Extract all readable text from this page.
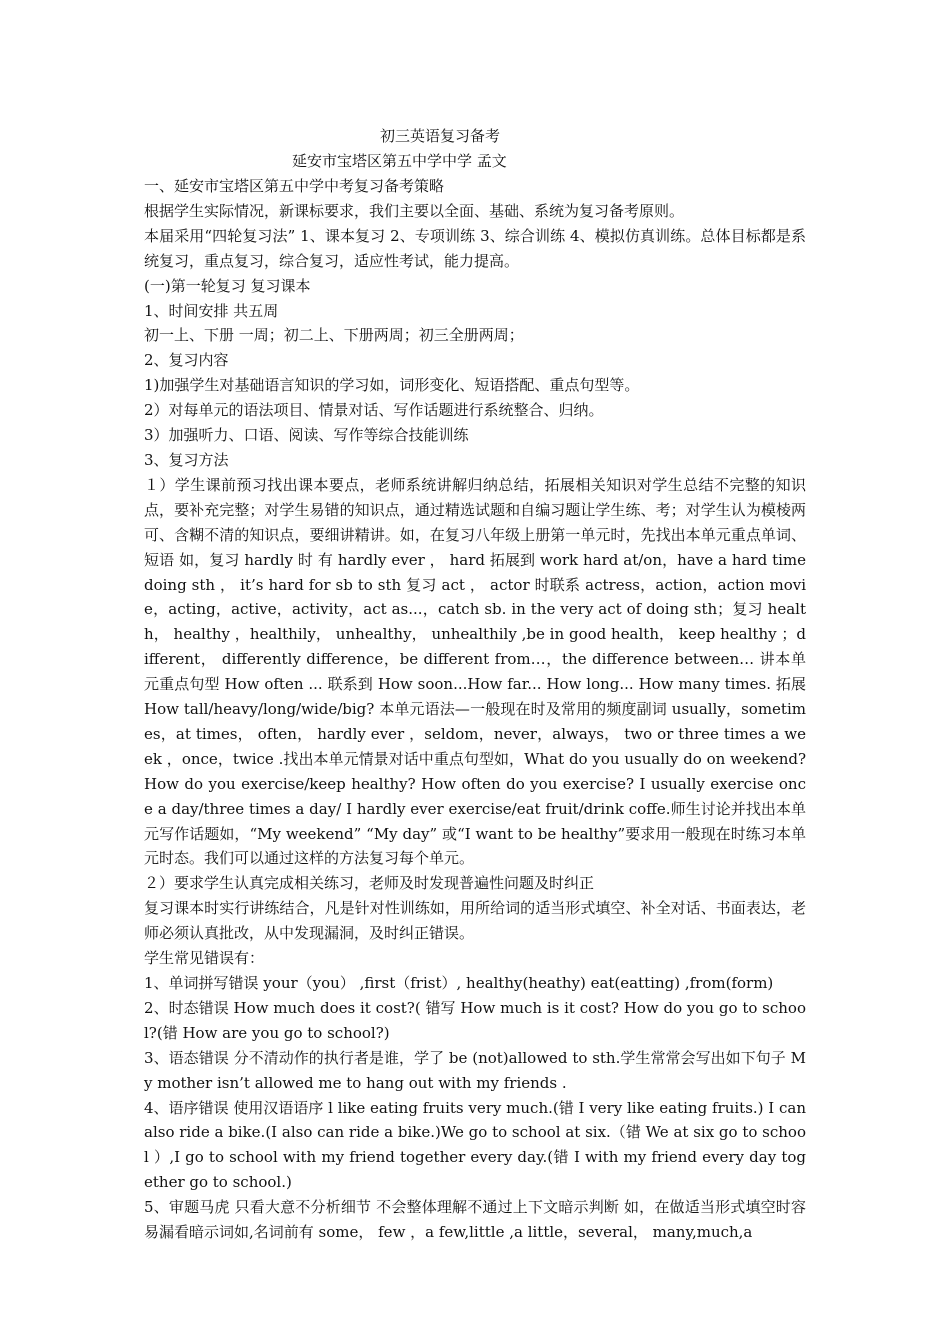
初三英语复习备考
延安市宝塔区第五中学中学 孟文

一、延安市宝塔区第五中学中考复习备考策略

根据学生实际情况，新课标要求，我们主要以全面、基础、系统为复习备考原则。

本届采用“四轮复习法” 1、课本复习 2、专项训练 3、综合训练 4、模拟仿真训练。总体目标都是系统复习，重点复习，综合复习，适应性考试，能力提高。

(一)第一轮复习 复习课本

1、时间安排 共五周

初一上、下册 一周；初二上、下册两周；初三全册两周；

2、复习内容

1)加强学生对基础语言知识的学习如，词形变化、短语搭配、重点句型等。

2）对每单元的语法项目、情景对话、写作话题进行系统整合、归纳。

3）加强听力、口语、阅读、写作等综合技能训练

3、复习方法

１）学生课前预习找出课本要点，老师系统讲解归纳总结，拓展相关知识对学生总结不完整的知识点，要补充完整；对学生易错的知识点，通过精选试题和自编习题让学生练、考；对学生认为模棱两可、含糊不清的知识点，要细讲精讲。如，在复习八年级上册第一单元时，先找出本单元重点单词、短语 如，复习 hardly 时 有 hardly ever ， hard 拓展到 work hard at/on，have a hard time doing sth ， it’s hard for sb to sth 复习 act ， actor 时联系 actress，action，action movie，acting，active，activity，act as...，catch sb. in the very act of doing sth；复习 health， healthy ，healthily， unhealthy， unhealthily ,be in good health， keep healthy ；different， differently difference，be different from…，the difference between… 讲本单元重点句型 How often ... 联系到 How soon...How far... How long... How many times. 拓展 How tall/heavy/long/wide/big? 本单元语法—一般现在时及常用的频度副词 usually，sometimes，at times， often， hardly ever ，seldom，never，always， two or three times a week ，once，twice .找出本单元情景对话中重点句型如，What do you usually do on weekend? How do you exercise/keep healthy? How often do you exercise? I usually exercise once a day/three times a day/ I hardly ever exercise/eat fruit/drink coffe.师生讨论并找出本单元写作话题如，“My weekend” “My day” 或“I want to be healthy”要求用一般现在时练习本单元时态。我们可以通过这样的方法复习每个单元。

２）要求学生认真完成相关练习，老师及时发现普遍性问题及时纠正

复习课本时实行讲练结合，凡是针对性训练如，用所给词的适当形式填空、补全对话、书面表达，老师必须认真批改，从中发现漏洞，及时纠正错误。

学生常见错误有：

1、单词拼写错误 your（you） ,first（frist）, healthy(heathy) eat(eatting) ,from(form)

2、时态错误 How much does it cost?( 错写 How much is it cost? How do you go to school?(错 How are you go to school?)

3、语态错误 分不清动作的执行者是谁，学了 be (not)allowed to sth.学生常常会写出如下句子 My mother isn’t allowed me to hang out with my friends .

4、语序错误 使用汉语语序 l like eating fruits very much.(错 I very like eating fruits.) I can also ride a bike.(I also can ride a bike.)We go to school at six.（错 We at six go to school ）,I go to school with my friend together every day.(错 I with my friend every day together go to school.)

5、审题马虎 只看大意不分析细节 不会整体理解不通过上下文暗示判断 如，在做适当形式填空时容易漏看暗示词如,名词前有 some， few ，a few,little ,a little，several， many,much,a
